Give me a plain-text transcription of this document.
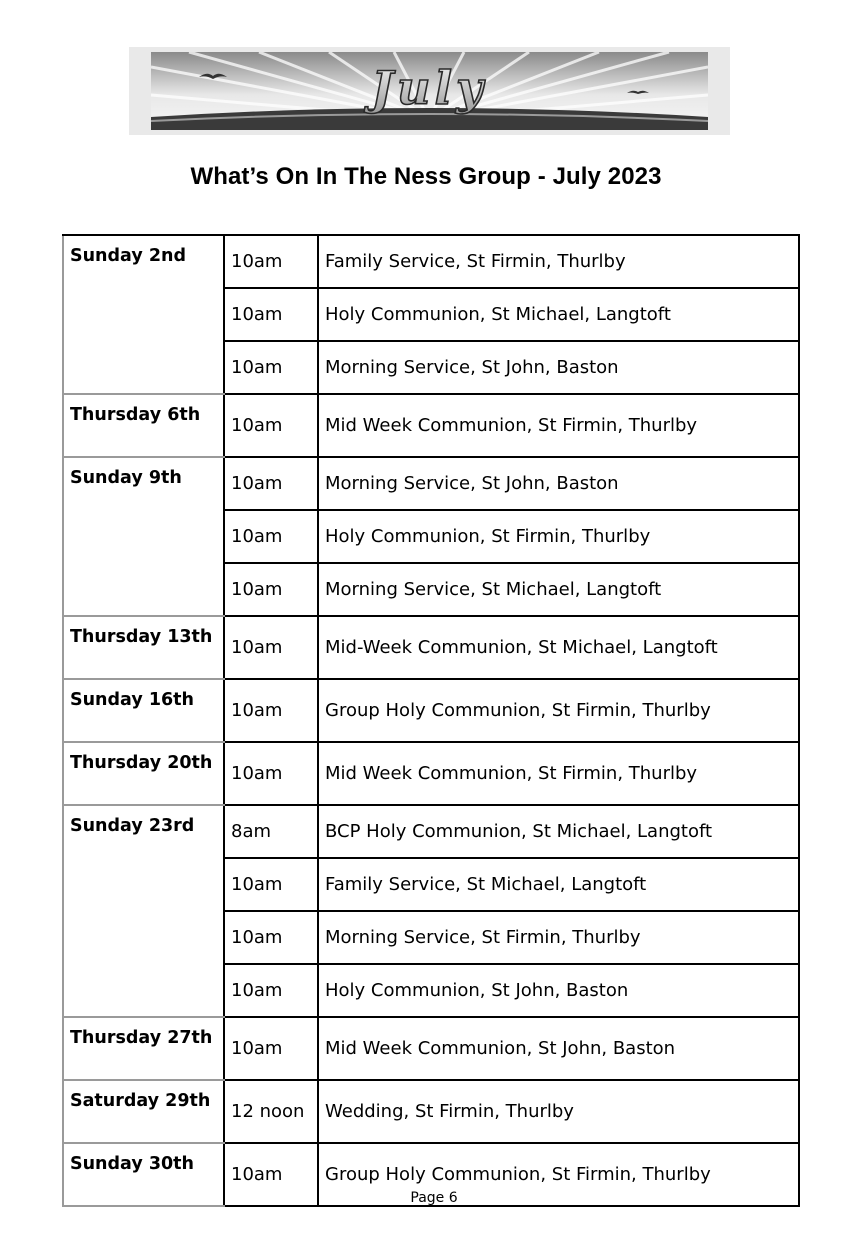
July
What’s On In The Ness Group - July 2023
Sunday 2nd	10am	Family Service, St Firmin, Thurlby
	10am	Holy Communion, St Michael, Langtoft
	10am	Morning Service, St John, Baston
Thursday 6th	10am	Mid Week Communion, St Firmin, Thurlby
Sunday 9th	10am	Morning Service, St John, Baston
	10am	Holy Communion, St Firmin, Thurlby
	10am	Morning Service, St Michael, Langtoft
Thursday 13th	10am	Mid-Week Communion, St Michael, Langtoft
Sunday 16th	10am	Group Holy Communion, St Firmin, Thurlby
Thursday 20th	10am	Mid Week Communion, St Firmin, Thurlby
Sunday 23rd	8am	BCP Holy Communion, St Michael, Langtoft
	10am	Family Service, St Michael, Langtoft
	10am	Morning Service, St Firmin, Thurlby
	10am	Holy Communion, St John, Baston
Thursday 27th	10am	Mid Week Communion, St John, Baston
Saturday 29th	12 noon	Wedding, St Firmin, Thurlby
Sunday 30th	10am	Group Holy Communion, St Firmin, Thurlby
Page 6
